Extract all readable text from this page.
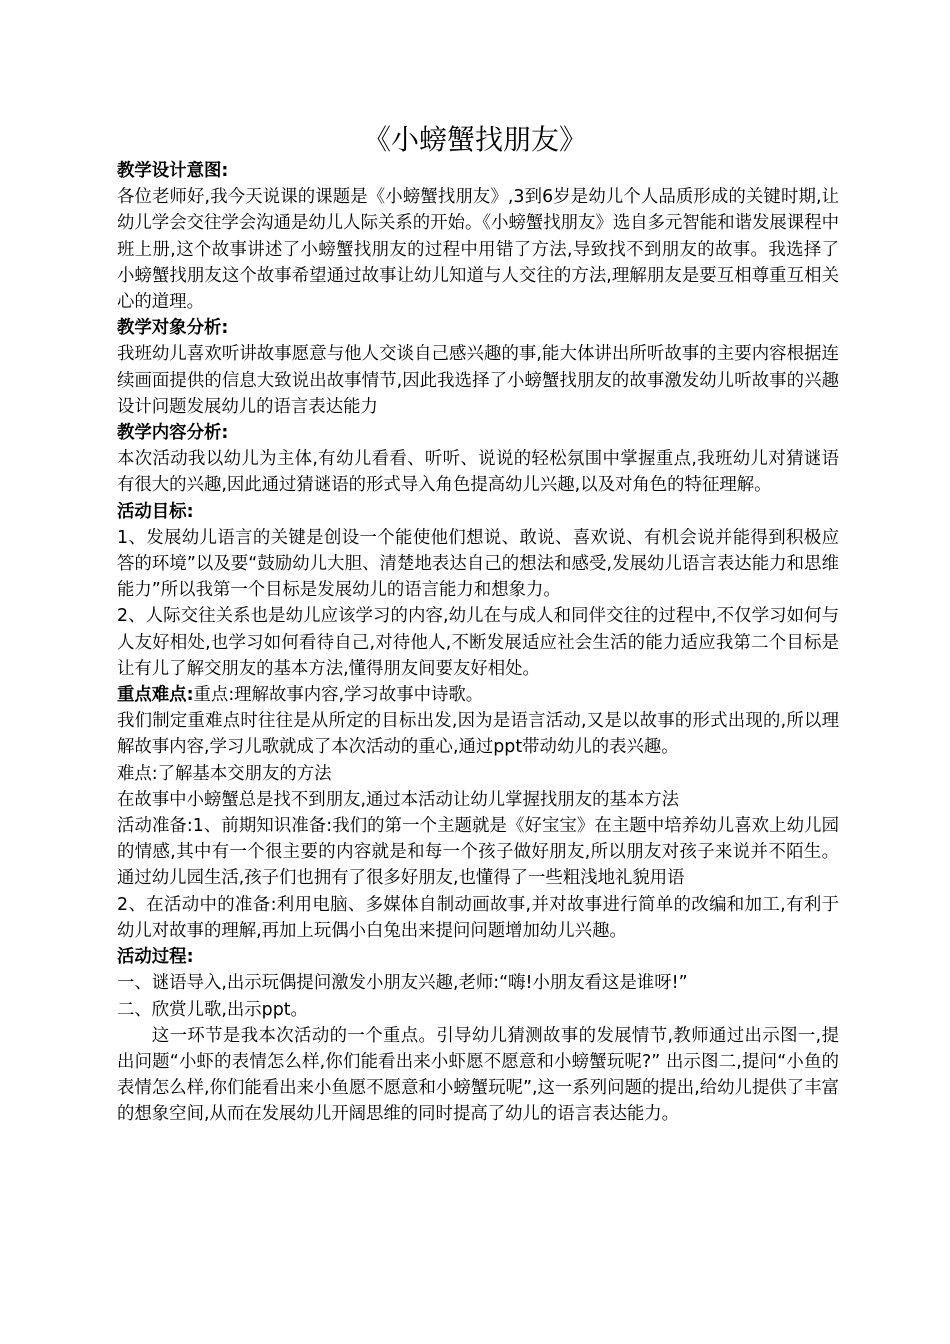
《小螃蟹找朋友》

教学设计意图:

各位老师好,我今天说课的课题是《小螃蟹找朋友》,3到6岁是幼儿个人品质形成的关键时期,让幼儿学会交往学会沟通是幼儿人际关系的开始。《小螃蟹找朋友》选自多元智能和谐发展课程中班上册,这个故事讲述了小螃蟹找朋友的过程中用错了方法,导致找不到朋友的故事。我选择了小螃蟹找朋友这个故事希望通过故事让幼儿知道与人交往的方法,理解朋友是要互相尊重互相关心的道理。

教学对象分析:

我班幼儿喜欢听讲故事愿意与他人交谈自己感兴趣的事,能大体讲出所听故事的主要内容根据连续画面提供的信息大致说出故事情节,因此我选择了小螃蟹找朋友的故事激发幼儿听故事的兴趣设计问题发展幼儿的语言表达能力

教学内容分析:

本次活动我以幼儿为主体,有幼儿看看、听听、说说的轻松氛围中掌握重点,我班幼儿对猜谜语有很大的兴趣,因此通过猜谜语的形式导入角色提高幼儿兴趣,以及对角色的特征理解。

活动目标:

1、发展幼儿语言的关键是创设一个能使他们想说、敢说、喜欢说、有机会说并能得到积极应答的环境”以及要“鼓励幼儿大胆、清楚地表达自己的想法和感受,发展幼儿语言表达能力和思维能力”所以我第一个目标是发展幼儿的语言能力和想象力。

2、人际交往关系也是幼儿应该学习的内容,幼儿在与成人和同伴交往的过程中,不仅学习如何与人友好相处,也学习如何看待自己,对待他人,不断发展适应社会生活的能力适应我第二个目标是让有儿了解交朋友的基本方法,懂得朋友间要友好相处。

重点难点:重点:理解故事内容,学习故事中诗歌。

我们制定重难点时往往是从所定的目标出发,因为是语言活动,又是以故事的形式出现的,所以理解故事内容,学习儿歌就成了本次活动的重心,通过ppt带动幼儿的表兴趣。

难点:了解基本交朋友的方法

在故事中小螃蟹总是找不到朋友,通过本活动让幼儿掌握找朋友的基本方法

活动准备:1、前期知识准备:我们的第一个主题就是《好宝宝》在主题中培养幼儿喜欢上幼儿园的情感,其中有一个很主要的内容就是和每一个孩子做好朋友,所以朋友对孩子来说并不陌生。通过幼儿园生活,孩子们也拥有了很多好朋友,也懂得了一些粗浅地礼貌用语

2、在活动中的准备:利用电脑、多媒体自制动画故事,并对故事进行简单的改编和加工,有利于幼儿对故事的理解,再加上玩偶小白兔出来提问问题增加幼儿兴趣。

活动过程:

一、谜语导入,出示玩偶提问激发小朋友兴趣,老师:“嗨!小朋友看这是谁呀!”

二、欣赏儿歌,出示ppt。

这一环节是我本次活动的一个重点。引导幼儿猜测故事的发展情节,教师通过出示图一,提出问题“小虾的表情怎么样,你们能看出来小虾愿不愿意和小螃蟹玩呢?” 出示图二,提问“小鱼的表情怎么样,你们能看出来小鱼愿不愿意和小螃蟹玩呢”,这一系列问题的提出,给幼儿提供了丰富的想象空间,从而在发展幼儿开阔思维的同时提高了幼儿的语言表达能力。
